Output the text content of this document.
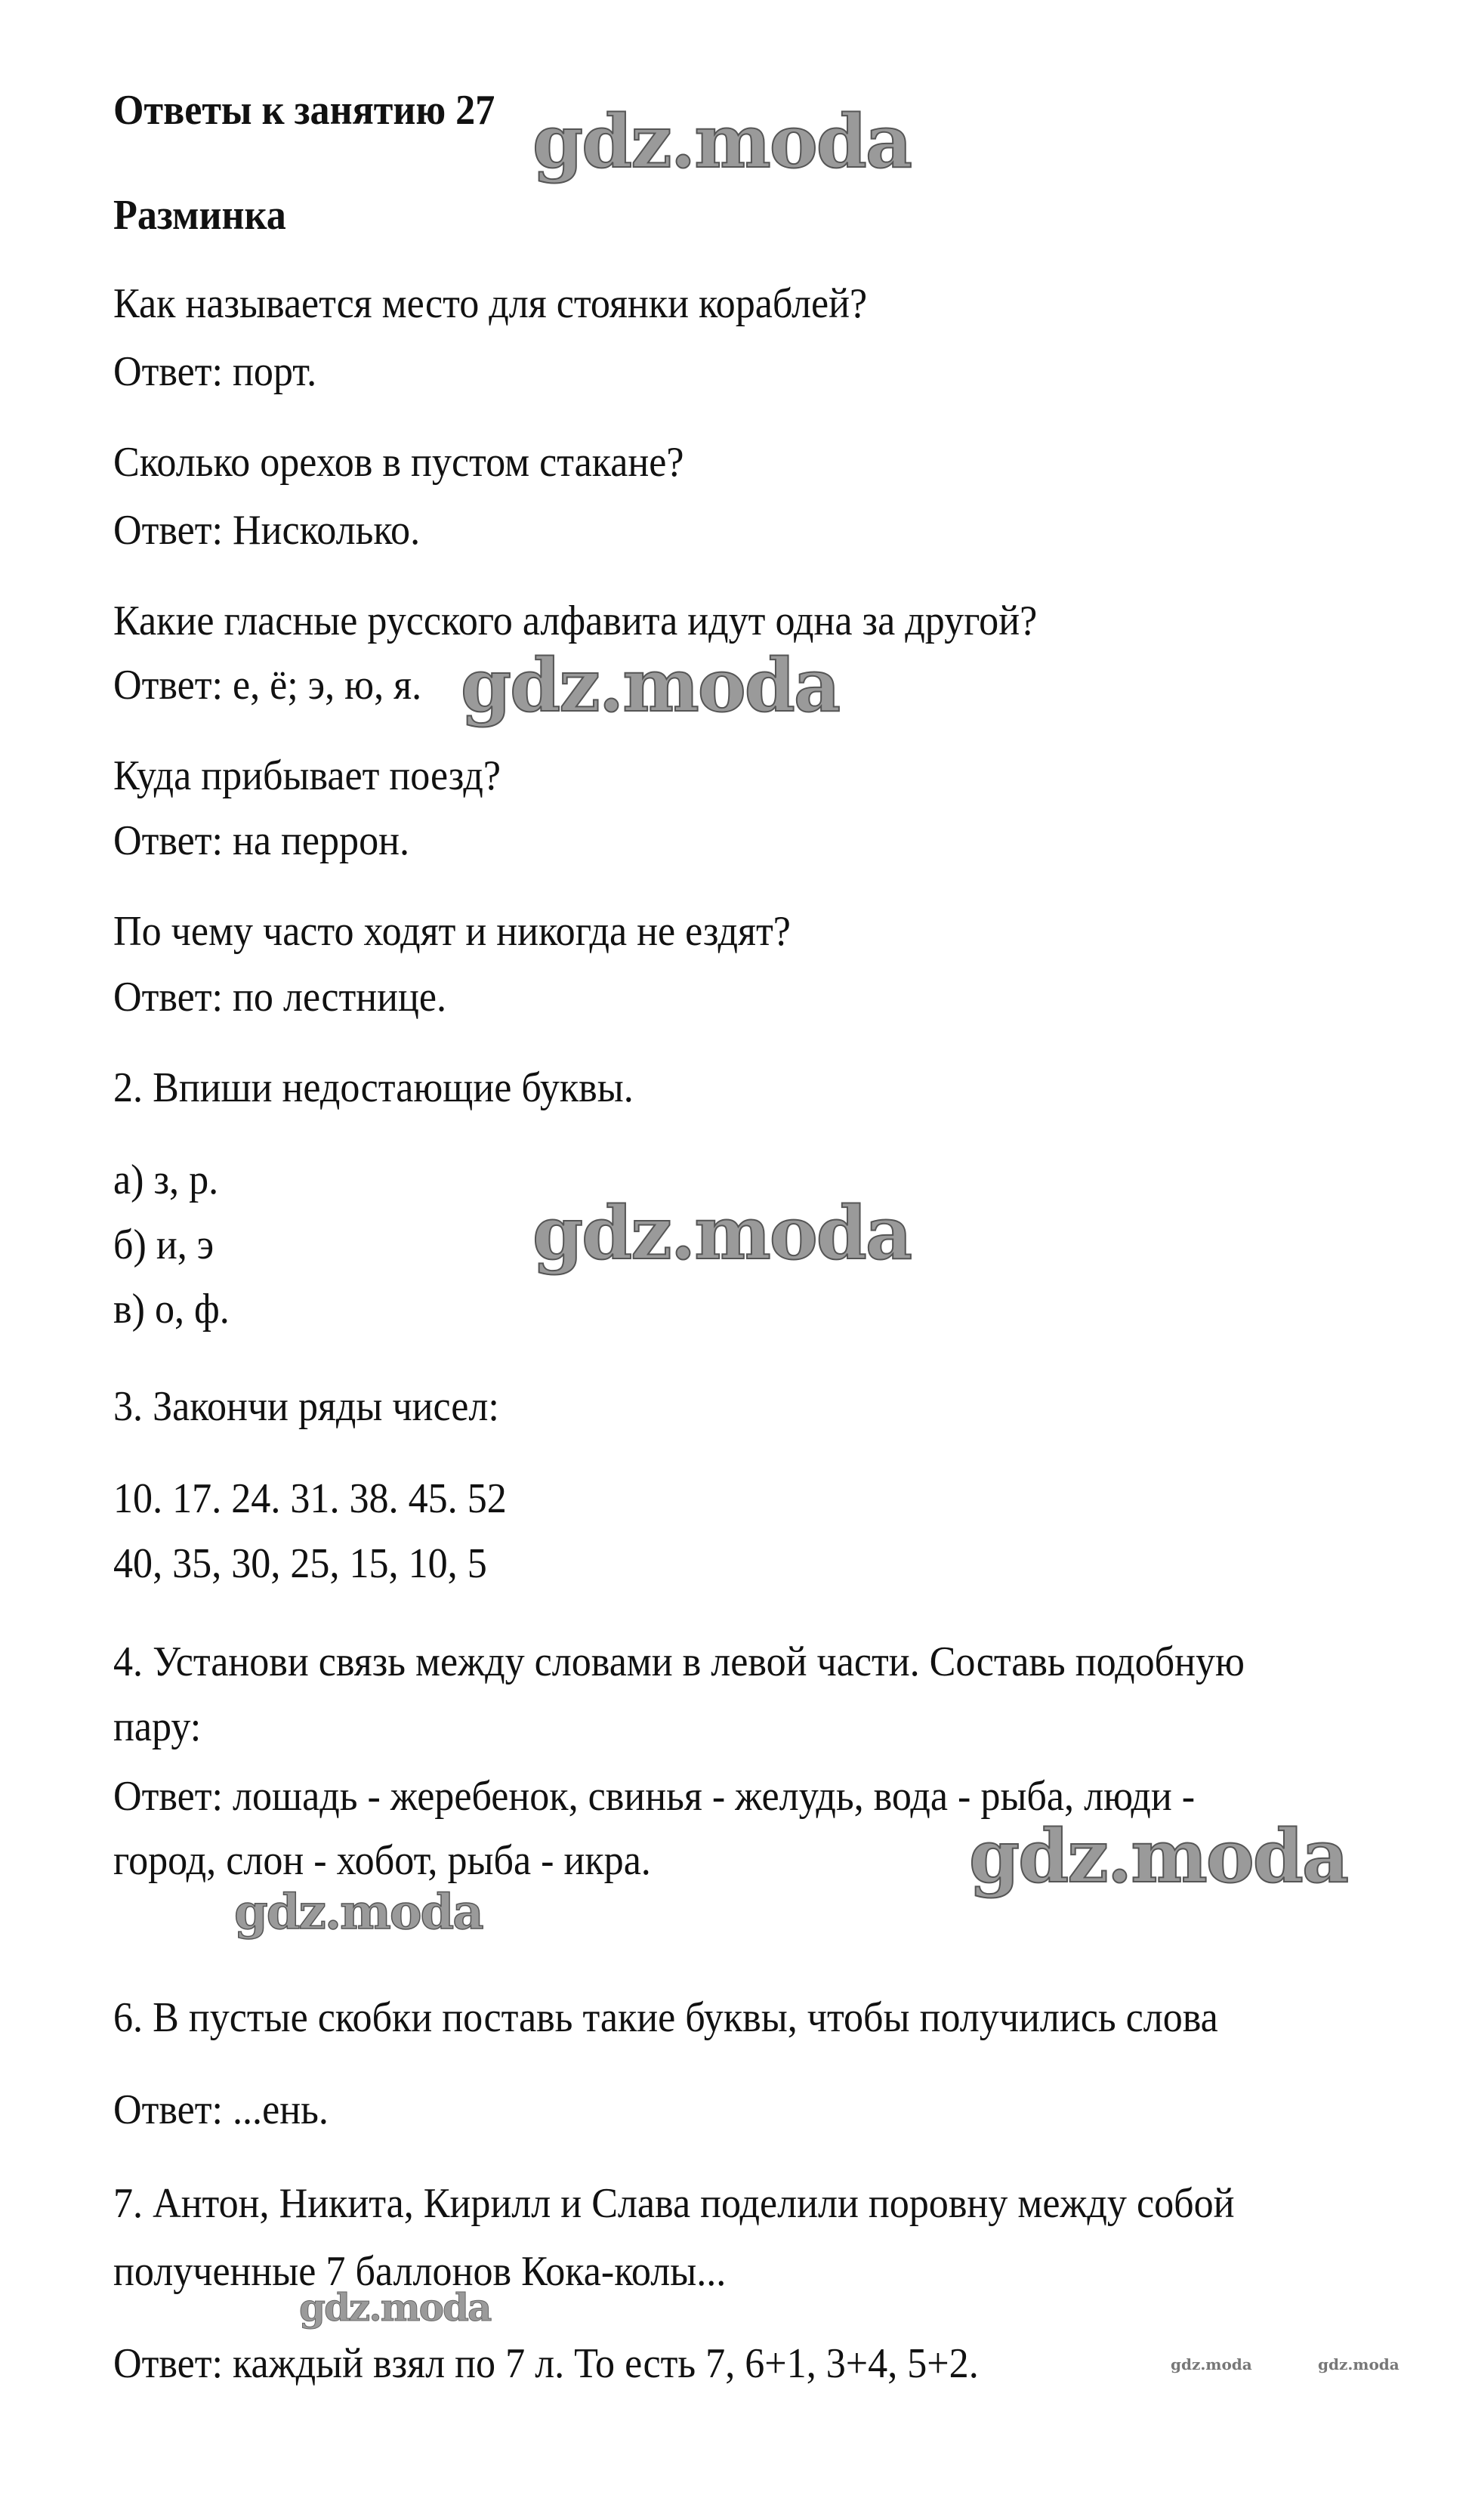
Ответы к занятию 27
Разминка
Как называется место для стоянки кораблей?
Ответ: порт.
Сколько орехов в пустом стакане?
Ответ: Нисколько.
Какие гласные русского алфавита идут одна за другой?
Ответ: е, ё; э, ю, я.
Куда прибывает поезд?
Ответ: на перрон.
По чему часто ходят и никогда не ездят?
Ответ: по лестнице.
2. Впиши недостающие буквы.
а) з, р.
б) и, э
в) о, ф.
3. Закончи ряды чисел:
10. 17. 24. 31. 38. 45. 52
40, 35, 30, 25, 15, 10, 5
4. Установи связь между словами в левой части. Составь подобную
пару:
Ответ: лошадь - жеребенок, свинья - желудь, вода - рыба, люди -
город, слон - хобот, рыба - икра.
6. В пустые скобки поставь такие буквы, чтобы получились слова
Ответ: ...ень.
7. Антон, Никита, Кирилл и Слава поделили поровну между собой
полученные 7 баллонов Кока-колы...
Ответ: каждый взял по 7 л. То есть 7, 6+1, 3+4, 5+2.
gdz.moda
gdz.moda
gdz.moda
gdz.moda
gdz.moda
gdz.moda
gdz.moda	gdz.moda
